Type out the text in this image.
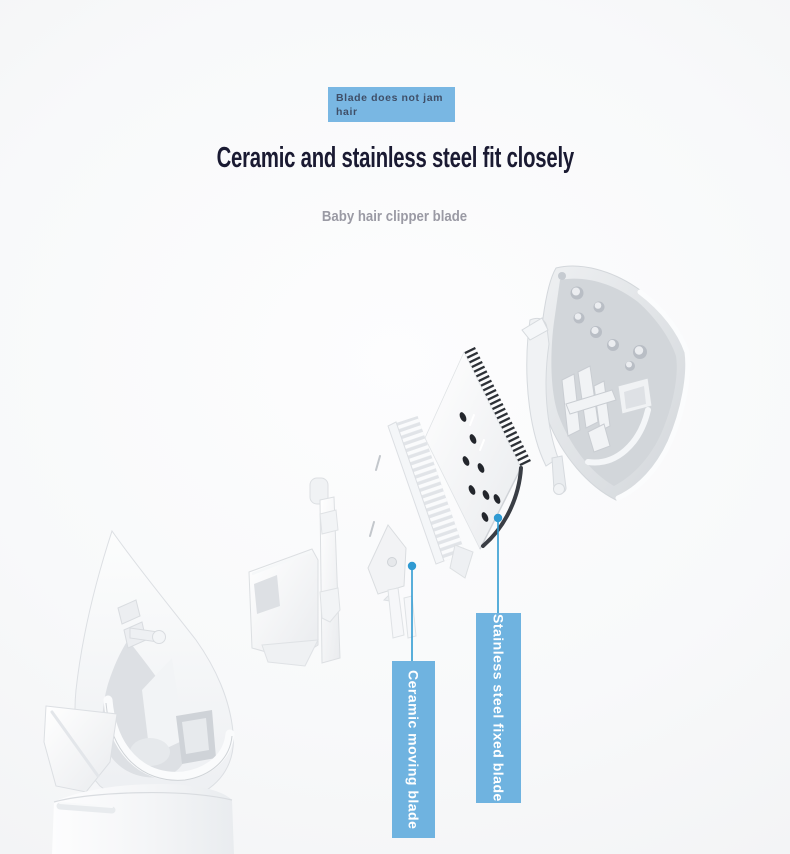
Blade does not jam hair
Ceramic and stainless steel fit closely
Baby hair clipper blade
Ceramic moving blade	Stainless steel fixed blade
